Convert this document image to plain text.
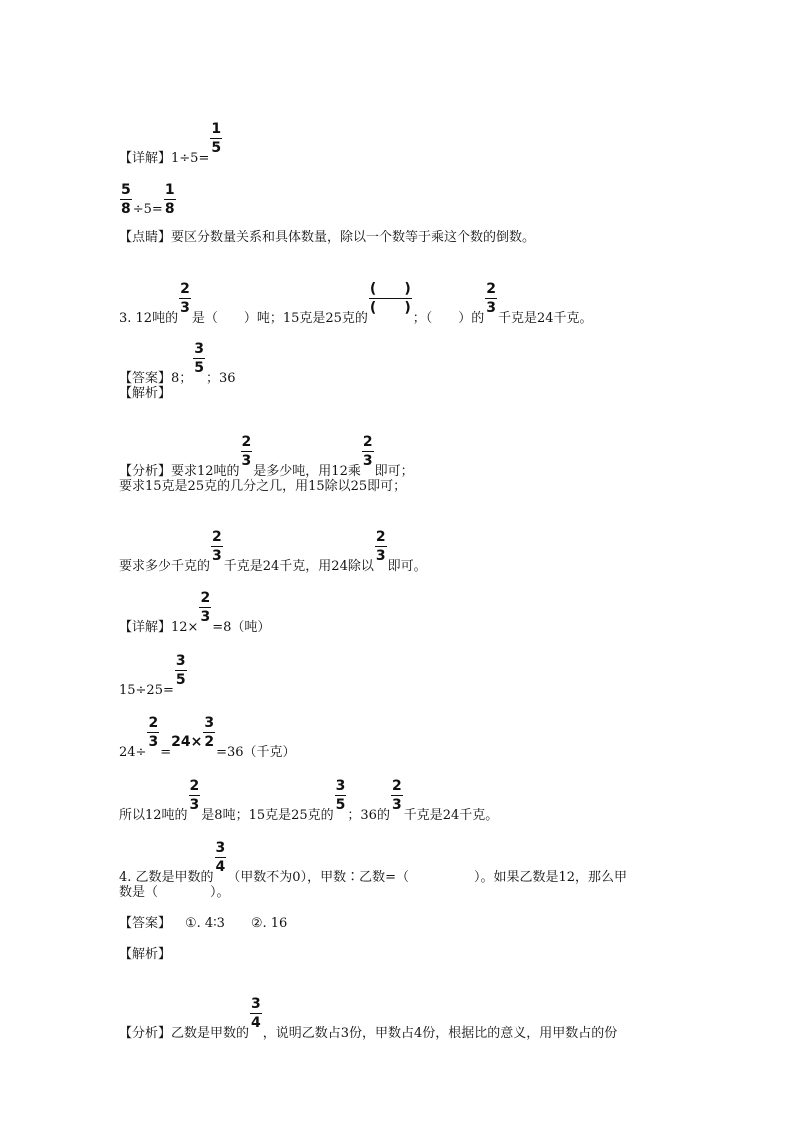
【详解】1÷5=
$\frac{1}{5}$
$\frac{5}{8} \div 5= \frac{1}{8}$
【点睛】要区分数量关系和具体数量，除以一个数等于乘这个数的倒数。
3. 12吨的
$\frac{2}{3}$
是（　　）吨；15克是25克的
$\frac{( )}{( )}$
；（　　）的
$\frac{2}{3}$
千克是24千克。
【答案】8；
$\frac{3}{5}$
；36
【解析】
【分析】要求12吨的
$\frac{2}{3}$
是多少吨，用12乘
$\frac{2}{3}$
即可；
要求15克是25克的几分之几，用15除以25即可；
要求多少千克的
$\frac{2}{3}$
千克是24千克，用24除以
$\frac{2}{3}$
即可。
【详解】12×
$\frac{2}{3}$
=8（吨）
15÷25=
$\frac{3}{5}$
24÷
$\frac{2}{3}$
$=24\times \frac{3}{2}$
=36（千克）
所以12吨的
$\frac{2}{3}$
是8吨；15克是25克的
$\frac{3}{5}$
；36的
$\frac{2}{3}$
千克是24千克。
4. 乙数是甲数的
$\frac{3}{4}$
（甲数不为0），甲数∶乙数=（　　　　　）。如果乙数是12，那么甲
数是（　　　　）。
【答案】 ①. 4∶3　　②. 16
【解析】
【分析】乙数是甲数的
$\frac{3}{4}$
，说明乙数占3份，甲数占4份，根据比的意义，用甲数占的份
